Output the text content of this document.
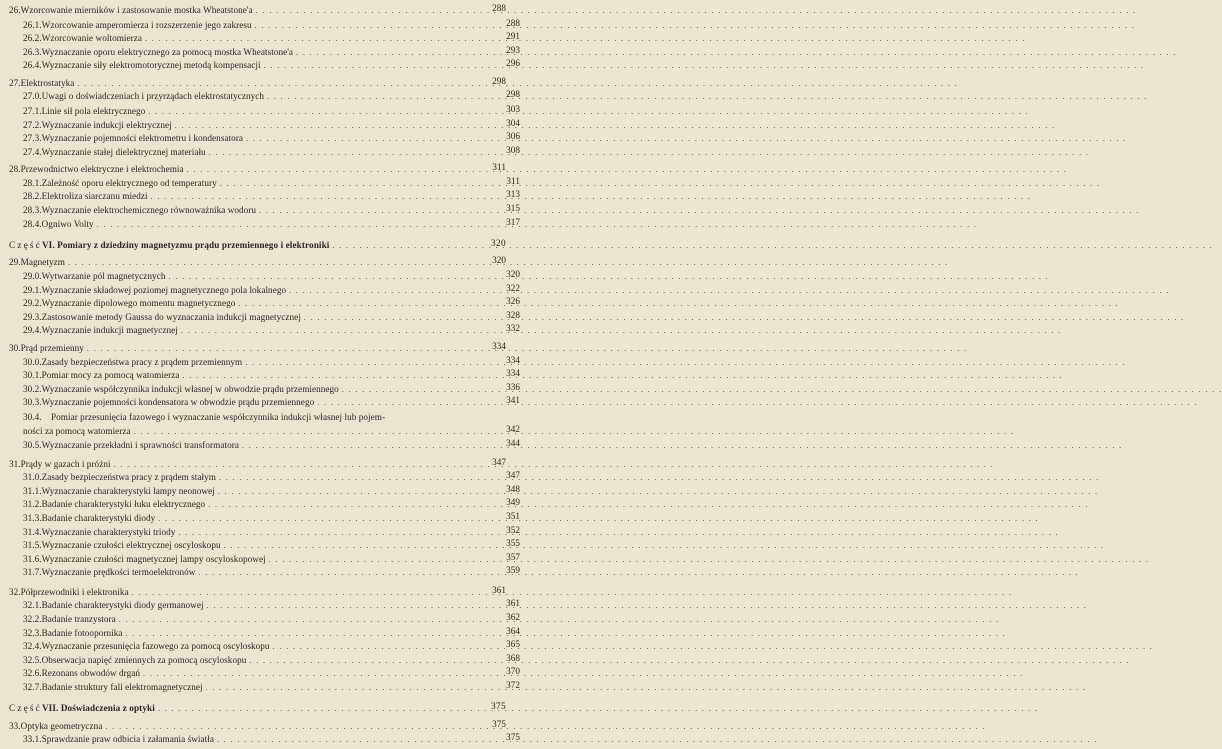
26. Wzorcowanie mierników i zastosowanie mostka Wheatstone'a . . .	288
26.1. Wzorcowanie amperomierza i rozszerzenie jego zakresu . . .	288
26.2. Wzorcowanie woltomierza . . .	291
26.3. Wyznaczanie oporu elektrycznego za pomocą mostka Wheatstone'a . . .	293
26.4. Wyznaczanie siły elektromotorycznej metodą kompensacji . . .	296
27. Elektrostatyka . . .	298
27.0. Uwagi o doświadczeniach i przyrządach elektrostatycznych . . .	298
27.1. Linie sił pola elektrycznego . . .	303
27.2. Wyznaczanie indukcji elektrycznej . . .	304
27.3. Wyznaczanie pojemności elektrometru i kondensatora . . .	306
27.4. Wyznaczanie stałej dielektrycznej materiału . . .	308
28. Przewodnictwo elektryczne i elektrochemia . . .	311
28.1. Zależność oporu elektrycznego od temperatury . . .	311
28.2. Elektroliza siarczanu miedzi . . .	313
28.3. Wyznaczanie elektrochemicznego równoważnika wodoru . . .	315
28.4. Ogniwo Volty . . .	317
Część VI. Pomiary z dziedziny magnetyzmu prądu przemiennego i elektroniki . . .	320
29. Magnetyzm . . .	320
29.0. Wytwarzanie pól magnetycznych . . .	320
29.1. Wyznaczanie składowej poziomej magnetycznego pola lokalnego . . .	322
29.2. Wyznaczanie dipolowego momentu magnetycznego . . .	326
29.3. Zastosowanie metody Gaussa do wyznaczania indukcji magnetycznej . . .	328
29.4. Wyznaczanie indukcji magnetycznej . . .	332
30. Prąd przemienny . . .	334
30.0. Zasady bezpieczeństwa pracy z prądem przemiennym . . .	334
30.1. Pomiar mocy za pomocą watomierza . . .	334
30.2. Wyznaczanie współczynnika indukcji własnej w obwodzie prądu przemiennego . . .	336
30.3. Wyznaczanie pojemności kondensatora w obwodzie prądu przemiennego . . .	341
30.4.	Pomiar przesunięcia fazowego i wyznaczanie współczynnika indukcji własnej lub pojem-
ności za pomocą watomierza . . .	342
30.5. Wyznaczanie przekładni i sprawności transformatora . . .	344
31. Prądy w gazach i próżni . . .	347
31.0. Zasady bezpieczeństwa pracy z prądem stałym . . .	347
31.1. Wyznaczanie charakterystyki lampy neonowej . . .	348
31.2. Badanie charakterystyki łuku elektrycznego . . .	349
31.3. Badanie charakterystyki diody . . .	351
31.4. Wyznaczanie charakterystyki triody . . .	352
31.5. Wyznaczanie czułości elektrycznej oscyloskopu . . .	355
31.6. Wyznaczanie czułości magnetycznej lampy oscyloskopowej . . .	357
31.7. Wyznaczanie prędkości termoelektronów . . .	359
32. Półprzewodniki i elektronika . . .	361
32.1. Badanie charakterystyki diody germanowej . . .	361
32.2. Badanie tranzystora . . .	362
32.3. Badanie fotooporníka . . .	364
32.4. Wyznaczanie przesunięcia fazowego za pomocą oscyloskopu . . .	365
32.5. Obserwacja napięć zmiennych za pomocą oscyloskopu . . .	368
32.6. Rezonans obwodów drgań . . .	370
32.7. Badanie struktury fali elektromagnetycznej . . .	372
Część VII. Doświadczenia z optyki . . .	375
33. Optyka geometryczna . . .	375
33.1. Sprawdzanie praw odbicia i załamania światła . . .	375
